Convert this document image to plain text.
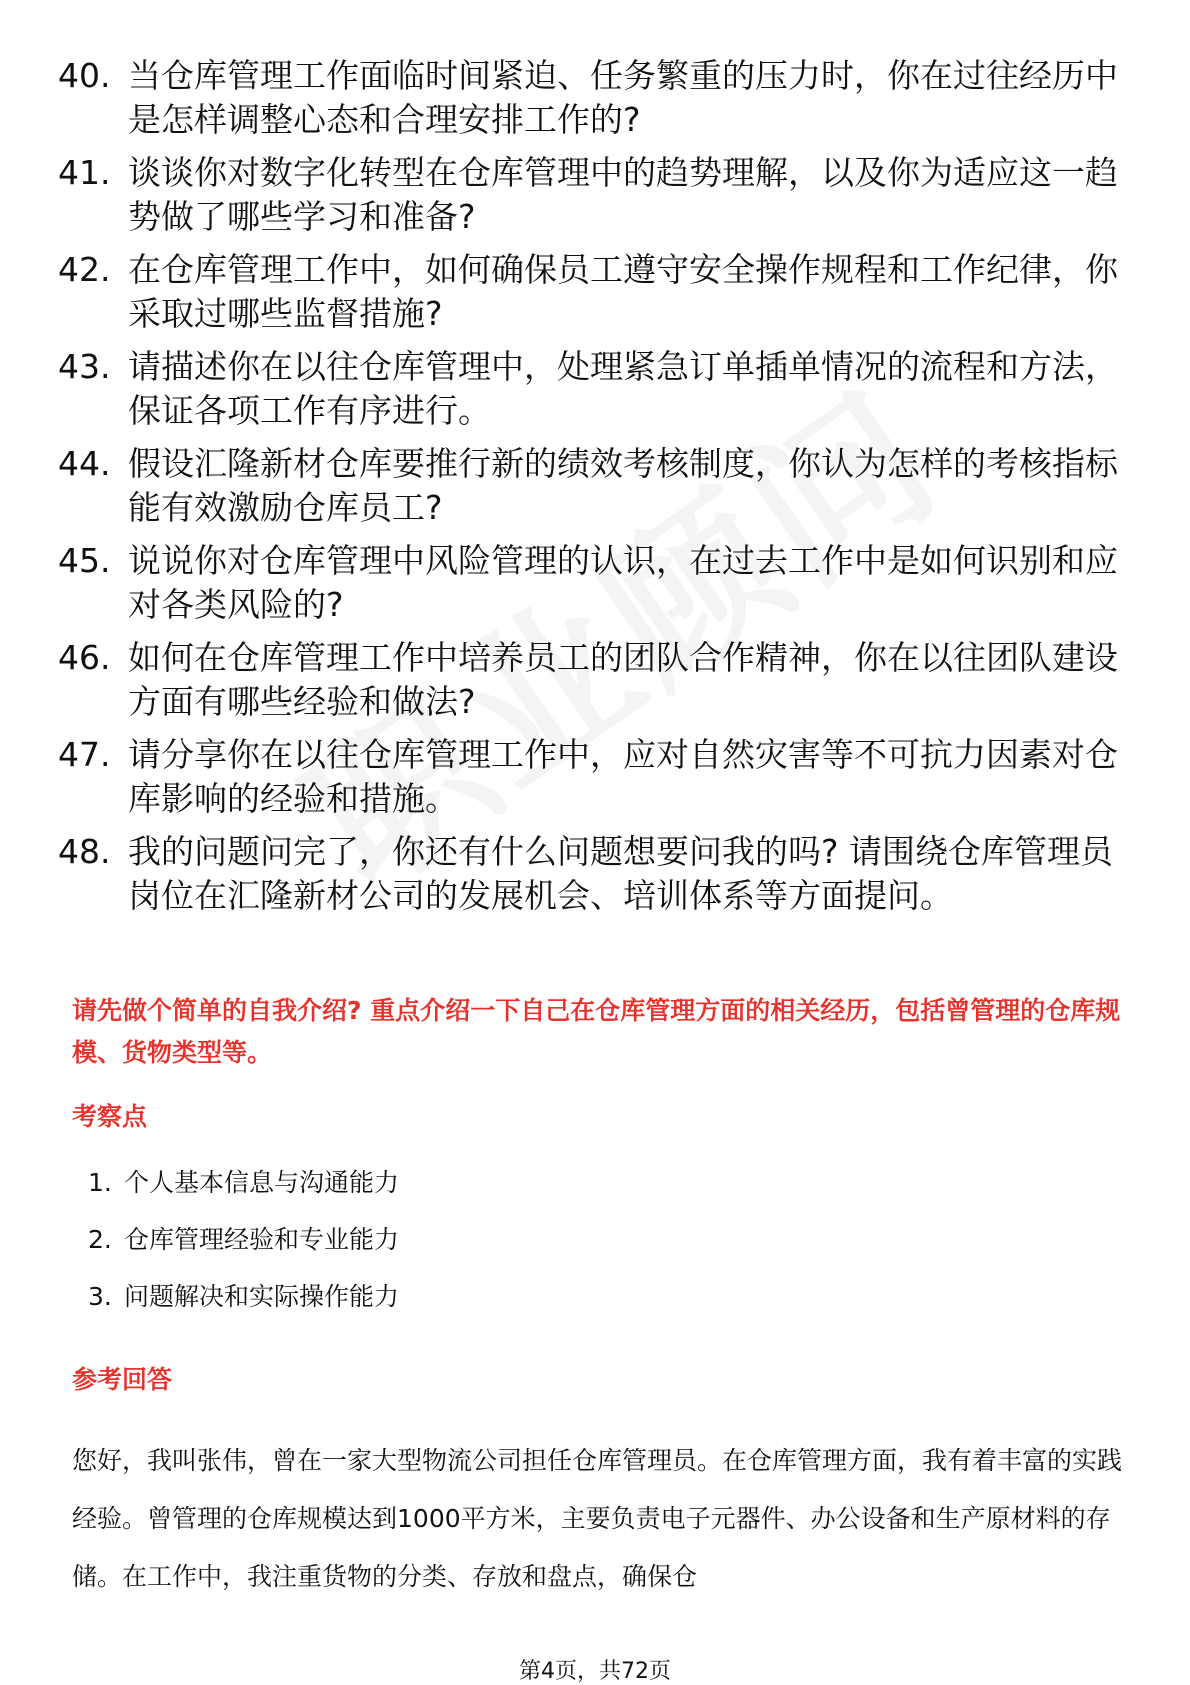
40. 当仓库管理工作面临时间紧迫、任务繁重的压力时，你在过往经历中是怎样调整心态和合理安排工作的?
41. 谈谈你对数字化转型在仓库管理中的趋势理解，以及你为适应这一趋势做了哪些学习和准备?
42. 在仓库管理工作中，如何确保员工遵守安全操作规程和工作纪律，你采取过哪些监督措施?
43. 请描述你在以往仓库管理中，处理紧急订单插单情况的流程和方法，保证各项工作有序进行。
44. 假设汇隆新材仓库要推行新的绩效考核制度，你认为怎样的考核指标能有效激励仓库员工?
45. 说说你对仓库管理中风险管理的认识，在过去工作中是如何识别和应对各类风险的?
46. 如何在仓库管理工作中培养员工的团队合作精神，你在以往团队建设方面有哪些经验和做法?
47. 请分享你在以往仓库管理工作中，应对自然灾害等不可抗力因素对仓库影响的经验和措施。
48. 我的问题问完了，你还有什么问题想要问我的吗? 请围绕仓库管理员岗位在汇隆新材公司的发展机会、培训体系等方面提问。
请先做个简单的自我介绍? 重点介绍一下自己在仓库管理方面的相关经历，包括曾管理的仓库规模、货物类型等。
考察点
1. 个人基本信息与沟通能力
2. 仓库管理经验和专业能力
3. 问题解决和实际操作能力
参考回答
您好，我叫张伟，曾在一家大型物流公司担任仓库管理员。在仓库管理方面，我有着丰富的实践经验。曾管理的仓库规模达到1000平方米，主要负责电子元器件、办公设备和生产原材料的存储。在工作中，我注重货物的分类、存放和盘点，确保仓
第4页，共72页
